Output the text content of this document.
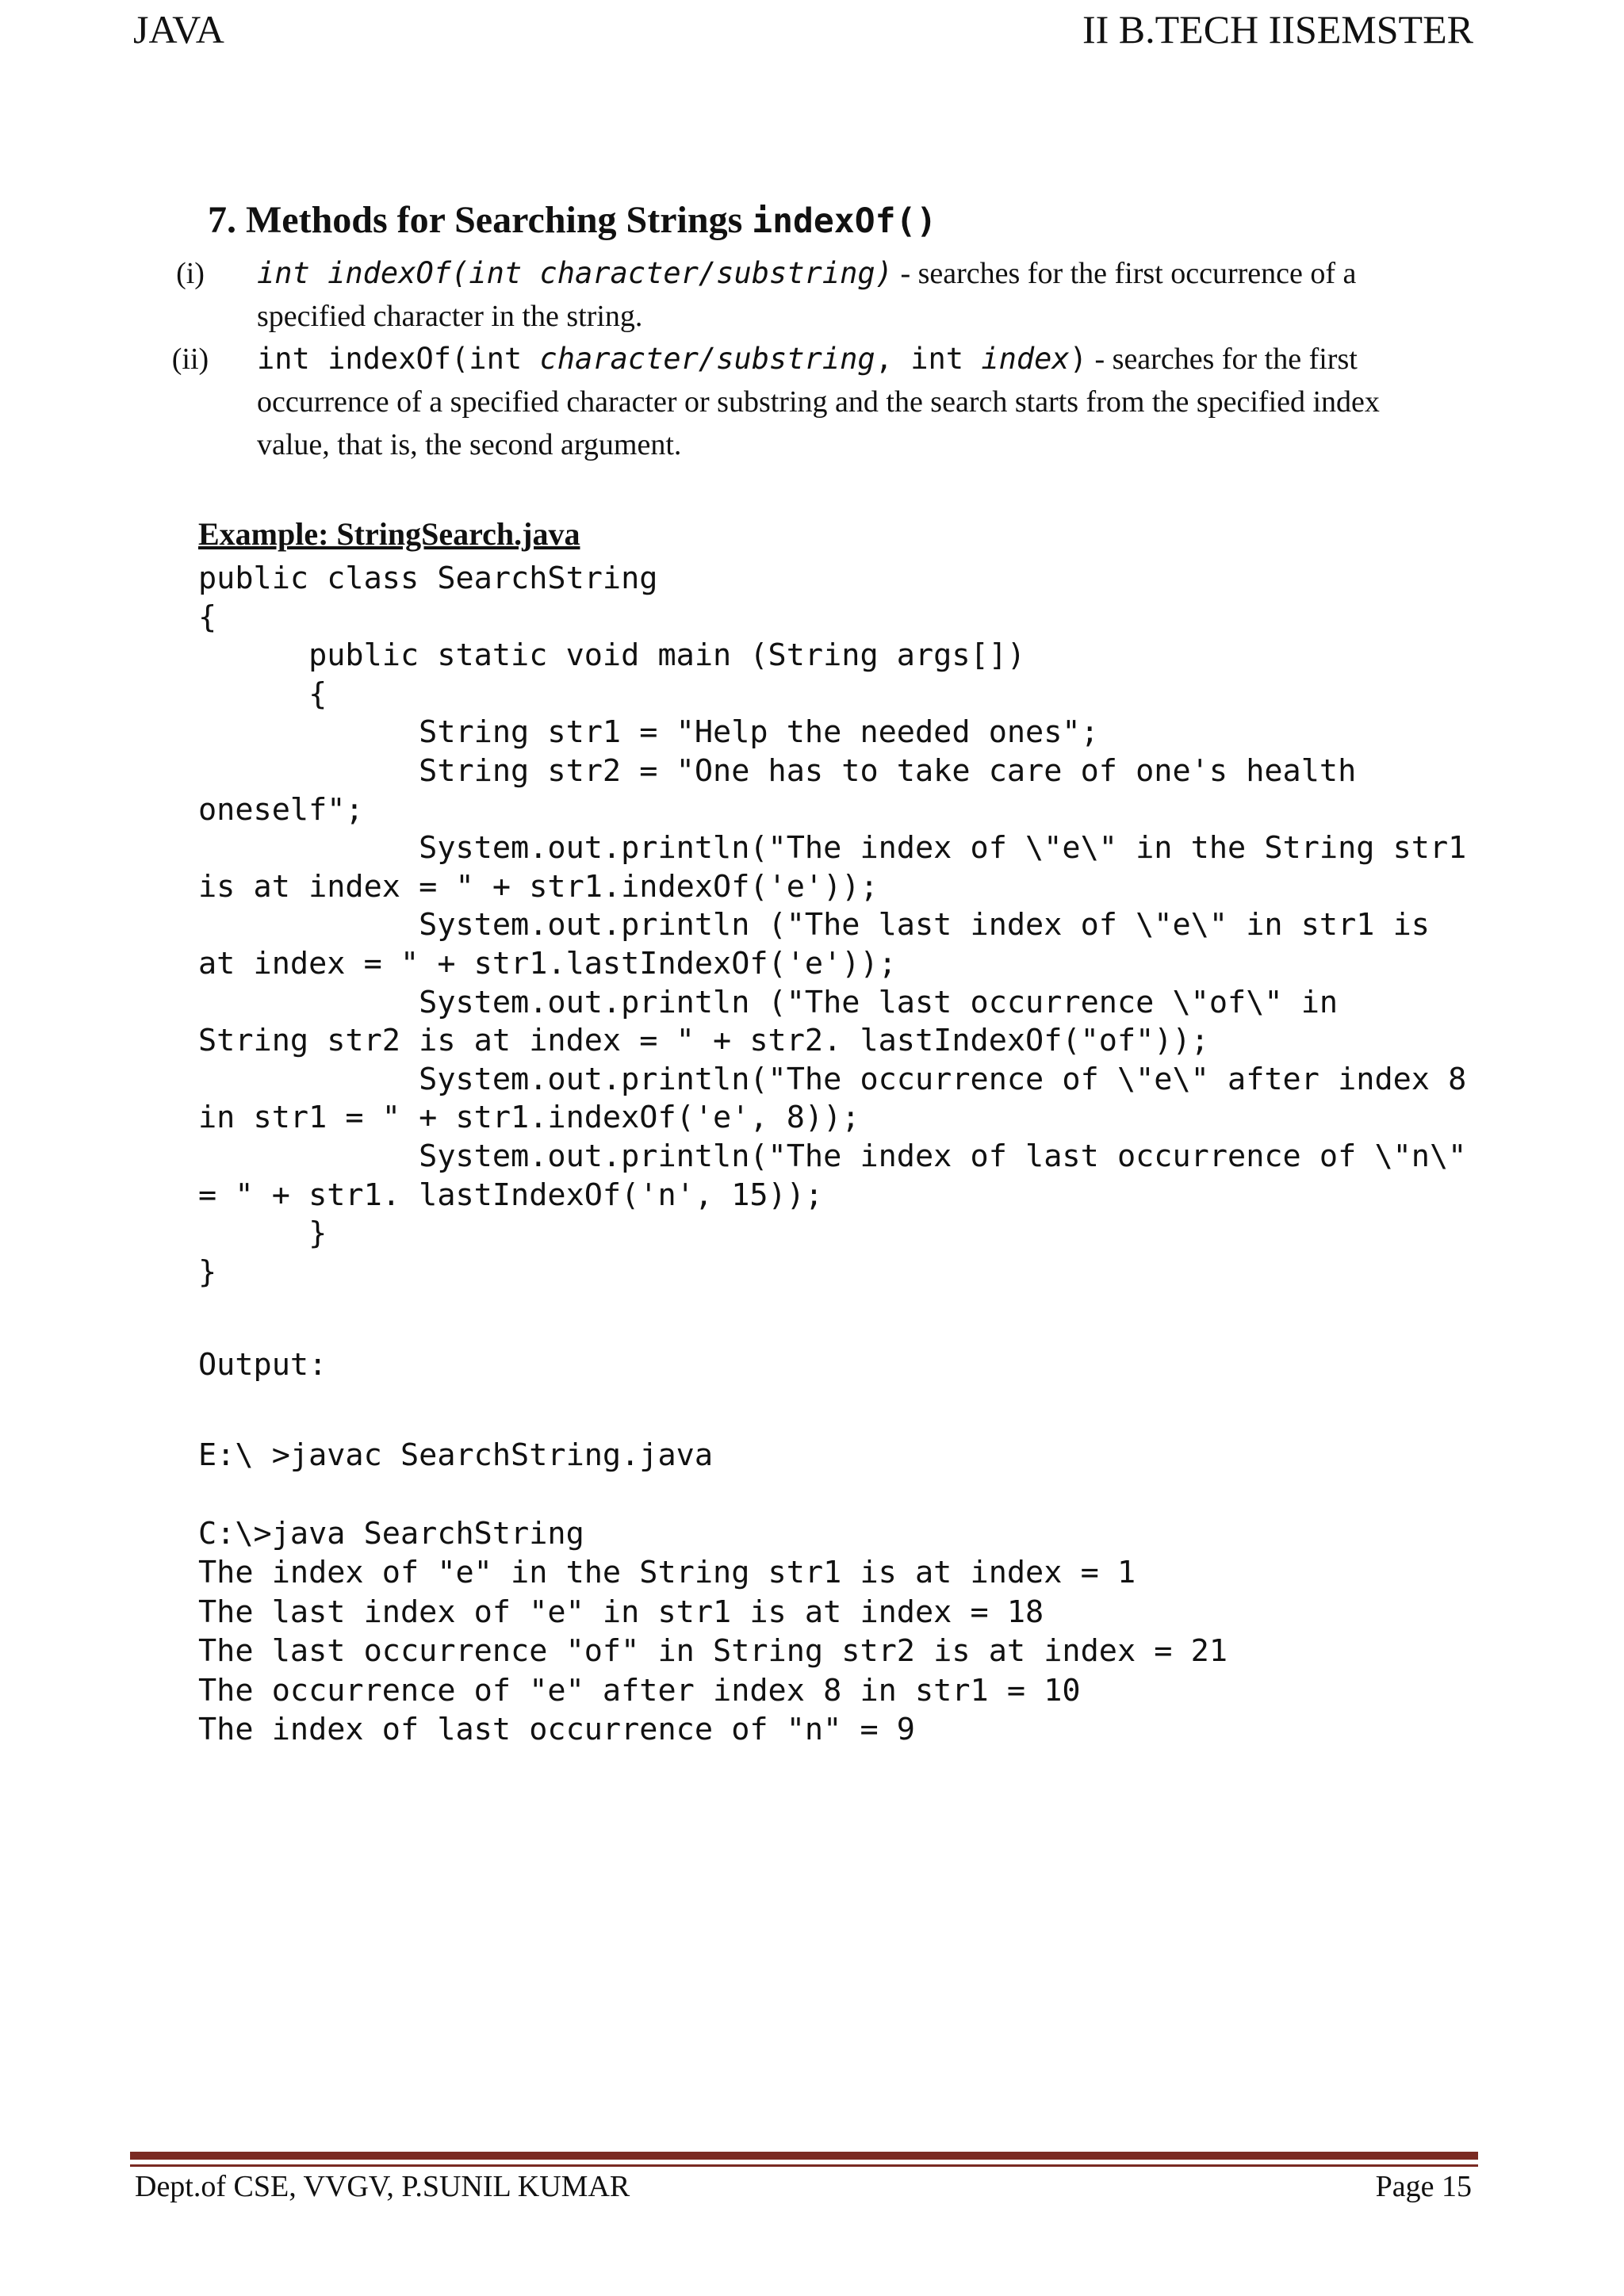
JAVA	II B.TECH IISEMSTER
7. Methods for Searching Strings indexOf()
(i)	int indexOf(int character/substring) - searches for the first occurrence of a specified character in the string.
(ii) int indexOf(int character/substring, int index) - searches for the first occurrence of a specified character or substring and the search starts from the specified index value, that is, the second argument.
Example: StringSearch.java
public class SearchString
{
public static void main (String args[])
{
String str1 = "Help the needed ones";
String str2 = "One has to take care of one's health
oneself";
System.out.println("The index of \"e\" in the String str1
is at index = " + str1.indexOf('e'));
System.out.println ("The last index of \"e\" in str1 is
at index = " + str1.lastIndexOf('e'));
System.out.println ("The last occurrence \"of\" in
String str2 is at index = " + str2. lastIndexOf("of"));
System.out.println("The occurrence of \"e\" after index 8
in str1 = " + str1.indexOf('e', 8));
System.out.println("The index of last occurrence of \"n\"
= " + str1. lastIndexOf('n', 15));
}
}
Output:
E:\ >javac SearchString.java
C:\>java SearchString
The index of "e" in the String str1 is at index = 1
The last index of "e" in str1 is at index = 18
The last occurrence "of" in String str2 is at index = 21
The occurrence of "e" after index 8 in str1 = 10
The index of last occurrence of "n" = 9
Dept.of CSE, VVGV, P.SUNIL KUMAR	Page 15
